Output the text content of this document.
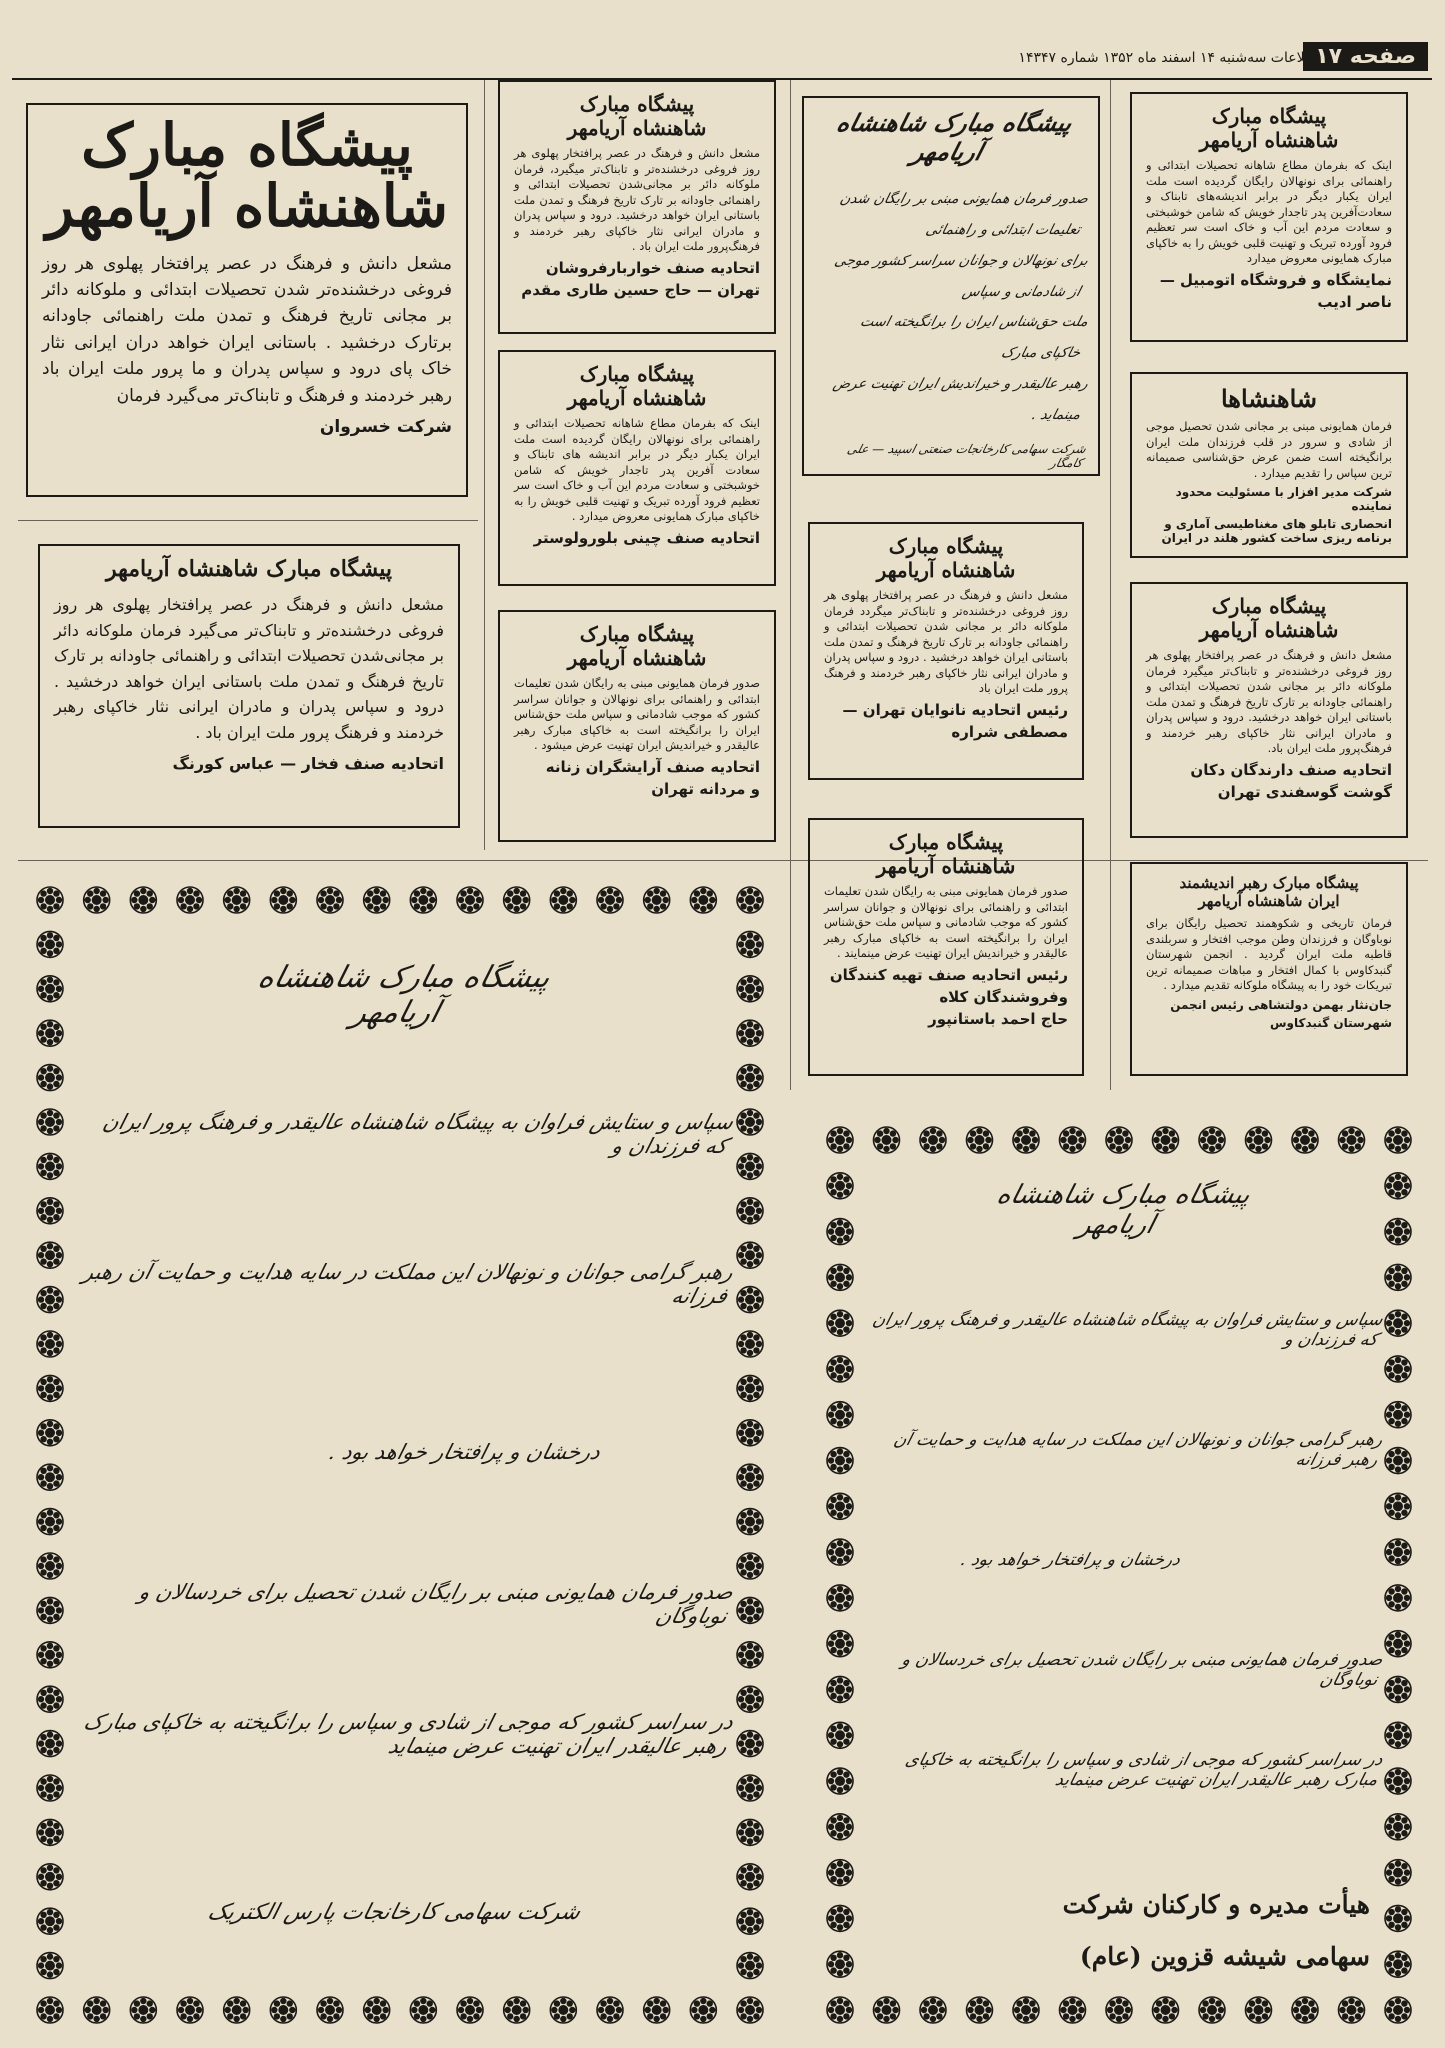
صفحه ۱۷
اطلاعات سه‌شنبه ۱۴ اسفند ماه ۱۳۵۲ شماره ۱۴۳۴۷
پیشگاه مبارک
شاهنشاه آریامهر
مشعل دانش و فرهنگ در عصر پرافتخار پهلوی هر روز فروغی درخشنده‌تر شدن تحصیلات ابتدائی و ملوکانه دائر بر مجانی تاریخ فرهنگ و تمدن ملت راهنمائی جاودانه برتارک درخشید . باستانی ایران خواهد دران ایرانی نثار خاک پای درود و سپاس پدران و ما پرور ملت ایران باد رهبر خردمند و فرهنگ و تابناک‌تر می‌گیرد فرمان
شرکت خسروان
پیشگاه مبارک شاهنشاه آریامهر
مشعل دانش و فرهنگ در عصر پرافتخار پهلوی هر روز فروغی درخشنده‌تر و تابناک‌تر می‌گیرد فرمان ملوکانه دائر بر مجانی‌شدن تحصیلات ابتدائی و راهنمائی جاودانه بر تارک تاریخ فرهنگ و تمدن ملت باستانی ایران خواهد درخشید . درود و سپاس پدران و مادران ایرانی نثار خاکپای رهبر خردمند و فرهنگ پرور ملت ایران باد .
اتحادیه صنف فخار — عباس کورنگ
پیشگاه مبارک
شاهنشاه آریامهر
مشعل دانش و فرهنگ در عصر پرافتخار پهلوی هر روز فروغی درخشنده‌تر و تابناک‌تر میگیرد، فرمان ملوکانه دائر بر مجانی‌شدن تحصیلات ابتدائی و راهنمائی جاودانه بر تارک تاریخ فرهنگ و تمدن ملت باستانی ایران خواهد درخشید. درود و سپاس پدران و مادران ایرانی نثار خاکپای رهبر خردمند و فرهنگ‌پرور ملت ایران باد .
اتحادیه صنف خواربارفروشان
تهران — حاج حسین طاری مقدم
پیشگاه مبارک
شاهنشاه آریامهر
اینک که بفرمان مطاع شاهانه تحصیلات ابتدائی و راهنمائی برای نونهالان رایگان گردیده است ملت ایران یکبار دیگر در برابر اندیشه های تابناک و سعادت آفرین پدر تاجدار خویش که شامن خوشبختی و سعادت مردم این آب و خاک است سر تعظیم فرود آورده تبریک و تهنیت قلبی خویش را به خاکپای مبارک همایونی معروض میدارد .
اتحادیه صنف چینی بلورولوستر
پیشگاه مبارک
شاهنشاه آریامهر
صدور فرمان همایونی مبنی به رایگان شدن تعلیمات ابتدائی و راهنمائی برای نونهالان و جوانان سراسر کشور که موجب شادمانی و سپاس ملت حق‌شناس ایران را برانگیخته است به خاکپای مبارک رهبر عالیقدر و خیراندیش ایران تهنیت عرض میشود .
اتحادیه صنف آرایشگران زنانه
و مردانه تهران
پیشگاه مبارک شاهنشاه آریامهر
صدور فرمان همایونی مبنی بر رایگان شدن تعلیمات ابتدائی و راهنمائی
برای نونهالان و جوانان سراسر کشور موجی از شادمانی و سپاس
ملت حق‌شناس ایران را برانگیخته است خاکپای مبارک
رهبر عالیقدر و خیراندیش ایران تهنیت عرض مینماید .
شرکت سهامی کارخانجات صنعتی اسپید — علی کامگار
پیشگاه مبارک
شاهنشاه آریامهر
مشعل دانش و فرهنگ در عصر پرافتخار پهلوی هر روز فروغی درخشنده‌تر و تابناک‌تر میگردد فرمان ملوکانه دائر بر مجانی شدن تحصیلات ابتدائی و راهنمائی جاودانه بر تارک تاریخ فرهنگ و تمدن ملت باستانی ایران خواهد درخشید . درود و سپاس پدران و مادران ایرانی نثار خاکپای رهبر خردمند و فرهنگ پرور ملت ایران باد
رئیس اتحادیه نانوایان تهران —
مصطفی شراره
پیشگاه مبارک
شاهنشاه آریامهر
صدور فرمان همایونی مبنی به رایگان شدن تعلیمات ابتدائی و راهنمائی برای نونهالان و جوانان سراسر کشور که موجب شادمانی و سپاس ملت حق‌شناس ایران را برانگیخته است به خاکپای مبارک رهبر عالیقدر و خیراندیش ایران تهنیت عرض مینمایند .
رئیس اتحادیه صنف تهیه کنندگان
وفروشندگان کلاه
حاج احمد باستانپور
پیشگاه مبارک
شاهنشاه آریامهر
اینک که بفرمان مطاع شاهانه تحصیلات ابتدائی و راهنمائی برای نونهالان رایگان گردیده است ملت ایران یکبار دیگر در برابر اندیشه‌های تابناک و سعادت‌آفرین پدر تاجدار خویش که شامن خوشبختی و سعادت مردم این آب و خاک است سر تعظیم فرود آورده تبریک و تهنیت قلبی خویش را به خاکپای مبارک همایونی معروض میدارد
نمایشگاه و فروشگاه اتومبیل —
ناصر ادیب
شاهنشاها
فرمان همایونی مبنی بر مجانی شدن تحصیل موجی از شادی و سرور در قلب فرزندان ملت ایران برانگیخته است ضمن عرض حق‌شناسی صمیمانه ترین سپاس را تقدیم میدارد .
شرکت مدیر افزار با مسئولیت محدود نماینده
انحصاری تابلو های مغناطیسی آماری و برنامه ریزی ساخت کشور هلند در ایران
پیشگاه مبارک
شاهنشاه آریامهر
مشعل دانش و فرهنگ در عصر پرافتخار پهلوی هر روز فروغی درخشنده‌تر و تابناک‌تر میگیرد فرمان ملوکانه دائر بر مجانی شدن تحصیلات ابتدائی و راهنمائی جاودانه بر تارک تاریخ فرهنگ و تمدن ملت باستانی ایران خواهد درخشید. درود و سپاس پدران و مادران ایرانی نثار خاکپای رهبر خردمند و فرهنگ‌پرور ملت ایران باد.
اتحادیه صنف دارندگان دکان
گوشت گوسفندی تهران
پیشگاه مبارک رهبر اندیشمند
ایران شاهنشاه آریامهر
فرمان تاریخی و شکوهمند تحصیل رایگان برای نوباوگان و فرزندان وطن موجب افتخار و سربلندی قاطبه ملت ایران گردید . انجمن شهرستان گنبدکاوس با کمال افتخار و مباهات صمیمانه ترین تبریکات خود را به پیشگاه ملوکانه تقدیم میدارد .
جان‌نثار بهمن دولتشاهی رئیس انجمن
شهرستان گنبدکاوس
پیشگاه مبارک شاهنشاه آریامهر
سپاس و ستایش فراوان به پیشگاه شاهنشاه عالیقدر و فرهنگ پرور ایران که فرزندان و
رهبر گرامی جوانان و نونهالان این مملکت در سایه هدایت و حمایت آن رهبر فرزانه
درخشان و پرافتخار خواهد بود .
صدور فرمان همایونی مبنی بر رایگان شدن تحصیل برای خردسالان و نوباوگان
در سراسر کشور که موجی از شادی و سپاس را برانگیخته به خاکپای مبارک رهبر عالیقدر ایران تهنیت عرض مینماید
شرکت سهامی کارخانجات پارس الکتریک
پیشگاه مبارک شاهنشاه آریامهر
سپاس و ستایش فراوان به پیشگاه شاهنشاه عالیقدر و فرهنگ پرور ایران که فرزندان و
رهبر گرامی جوانان و نونهالان این مملکت در سایه هدایت و حمایت آن رهبر فرزانه
درخشان و پرافتخار خواهد بود .
صدور فرمان همایونی مبنی بر رایگان شدن تحصیل برای خردسالان و نوباوگان
در سراسر کشور که موجی از شادی و سپاس را برانگیخته به خاکپای مبارک رهبر عالیقدر ایران تهنیت عرض مینماید
هیأت مدیره و کارکنان شرکت
سهامی شیشه قزوین (عام)
